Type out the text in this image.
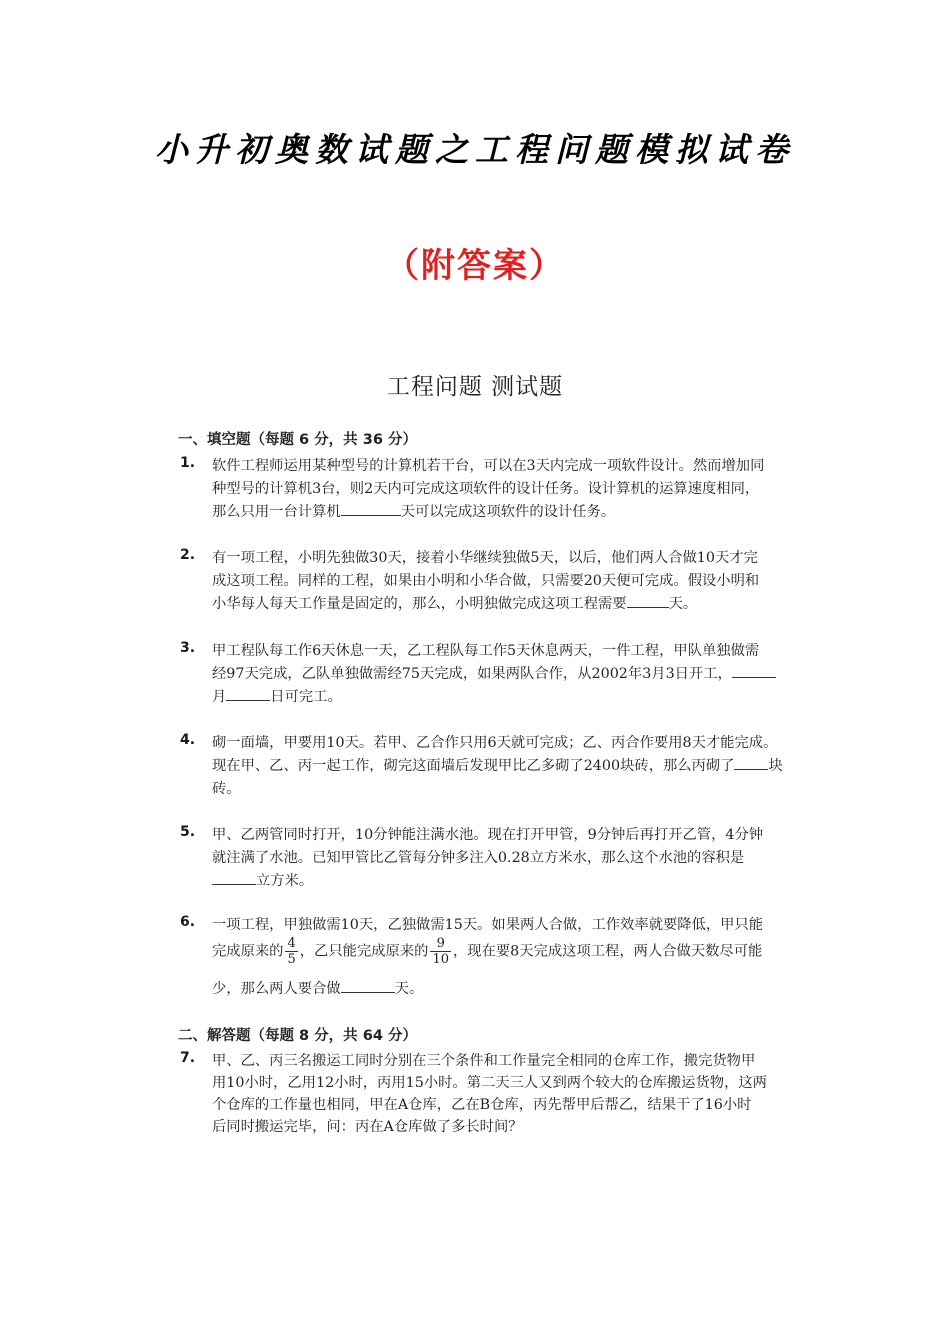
小升初奥数试题之工程问题模拟试卷
（附答案）
工程问题 测试题
一、填空题（每题 6 分，共 36 分）
1. 软件工程师运用某种型号的计算机若干台，可以在3天内完成一项软件设计。然而增加同
种型号的计算机3台，则2天内可完成这项软件的设计任务。设计算机的运算速度相同，
那么只用一台计算机	天可以完成这项软件的设计任务。
2. 有一项工程，小明先独做30天，接着小华继续独做5天，以后，他们两人合做10天才完
成这项工程。同样的工程，如果由小明和小华合做，只需要20天便可完成。假设小明和
小华每人每天工作量是固定的，那么，小明独做完成这项工程需要	天。
3. 甲工程队每工作6天休息一天，乙工程队每工作5天休息两天，一件工程，甲队单独做需
经97天完成，乙队单独做需经75天完成，如果两队合作，从2002年3月3日开工，
月	日可完工。
4. 砌一面墙，甲要用10天。若甲、乙合作只用6天就可完成；乙、丙合作要用8天才能完成。
现在甲、乙、丙一起工作，砌完这面墙后发现甲比乙多砌了2400块砖，那么丙砌了 块
砖。
5. 甲、乙两管同时打开，10分钟能注满水池。现在打开甲管，9分钟后再打开乙管，4分钟
就注满了水池。已知甲管比乙管每分钟多注入0.28立方米水，那么这个水池的容积是
立方米。
6. 一项工程，甲独做需10天，乙独做需15天。如果两人合做，工作效率就要降低，甲只能
完成原来的 $\frac{4}{5}$ ，乙只能完成原来的 $\frac{9}{10}$ ，现在要8天完成这项工程，两人合做天数尽可能
少，那么两人要合做	天。
二、解答题（每题 8 分，共 64 分）
7. 甲、乙、丙三名搬运工同时分别在三个条件和工作量完全相同的仓库工作，搬完货物甲
用10小时，乙用12小时，丙用15小时。第二天三人又到两个较大的仓库搬运货物，这两
个仓库的工作量也相同，甲在A仓库，乙在B仓库，丙先帮甲后帮乙，结果干了16小时
后同时搬运完毕，问：丙在A仓库做了多长时间？
